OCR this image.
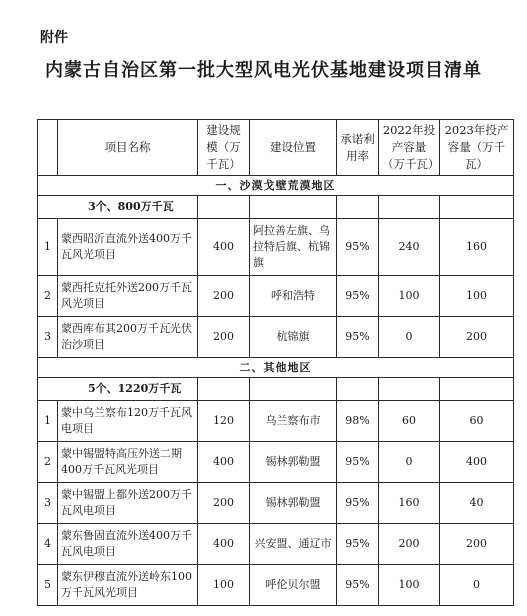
附件
内蒙古自治区第一批大型风电光伏基地建设项目清单
	项目名称	建设规模（万千瓦）	建设位置	承诺利用率	2022年投产容量（万千瓦）	2023年投产容量（万千瓦）
一、沙漠戈壁荒漠地区						
3个、800万千瓦						
1	蒙西昭沂直流外送400万千瓦风光项目	400	阿拉善左旗、乌拉特后旗、杭锦旗	95%	240	160
2	蒙西托克托外送200万千瓦风光项目	200	呼和浩特	95%	100	100
3	蒙西库布其200万千瓦光伏治沙项目	200	杭锦旗	95%	0	200
二、其他地区						
5个、1220万千瓦						
1	蒙中乌兰察布120万千瓦风电项目	120	乌兰察布市	98%	60	60
2	蒙中锡盟特高压外送二期400万千瓦风光项目	400	锡林郭勒盟	95%	0	400
3	蒙中锡盟上都外送200万千瓦风电项目	200	锡林郭勒盟	95%	160	40
4	蒙东鲁固直流外送400万千瓦风电项目	400	兴安盟、通辽市	95%	200	200
5	蒙东伊穆直流外送岭东100万千瓦风光项目	100	呼伦贝尔盟	95%	100	0
